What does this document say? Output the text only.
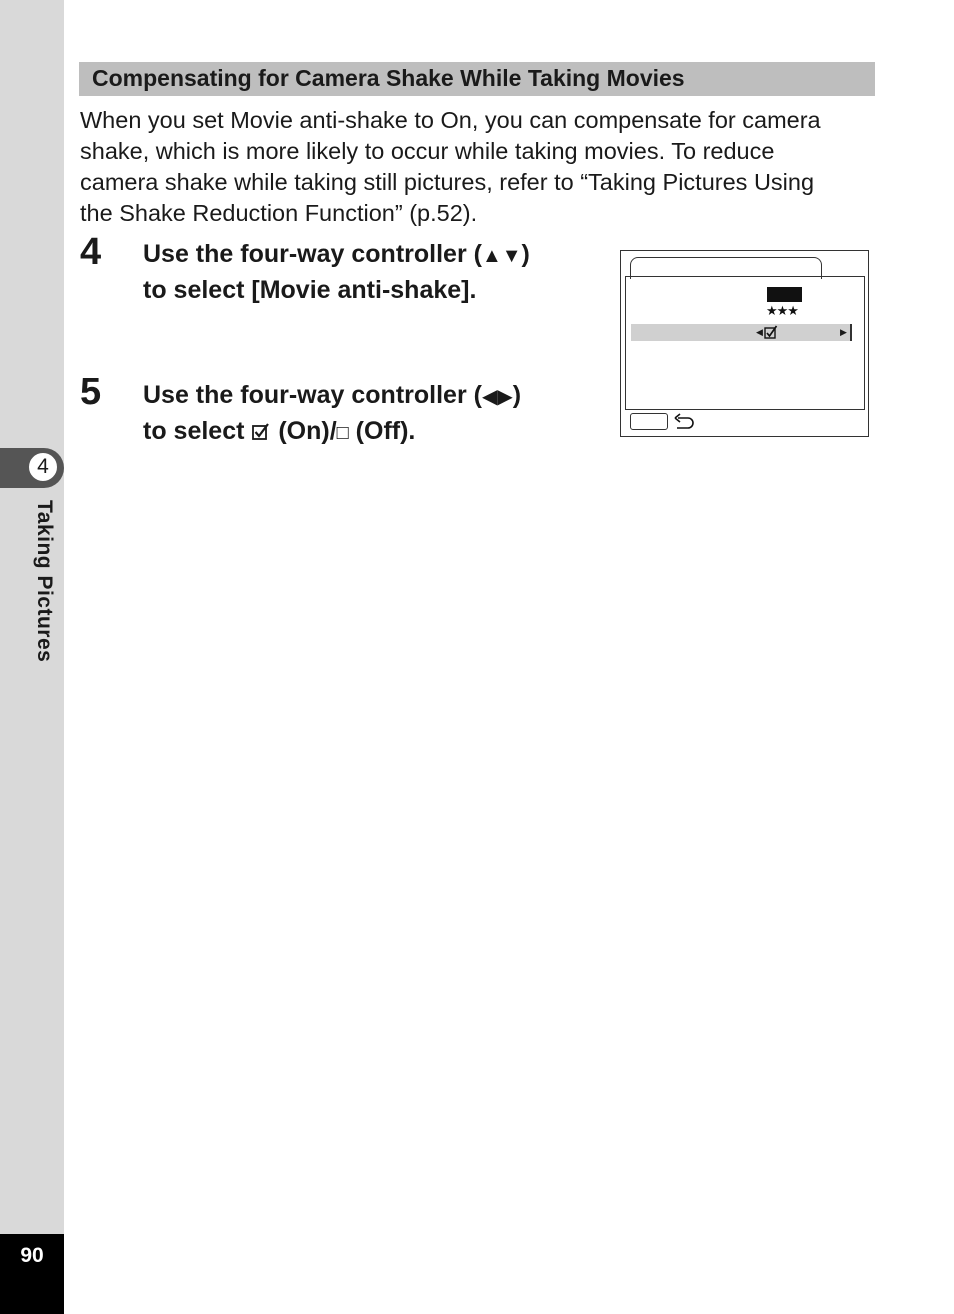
4
Taking Pictures
90
Compensating for Camera Shake While Taking Movies

When you set Movie anti-shake to On, you can compensate for camera

shake, which is more likely to occur while taking movies. To reduce

camera shake while taking still pictures, refer to “Taking Pictures Using

the Shake Reduction Function” (p.52).

4 Use the four-way controller (▲▼)
to select [Movie anti-shake].
5 Use the four-way controller (◀▶)
to select  (On)/□ (Off).
★★★
◀	▶
